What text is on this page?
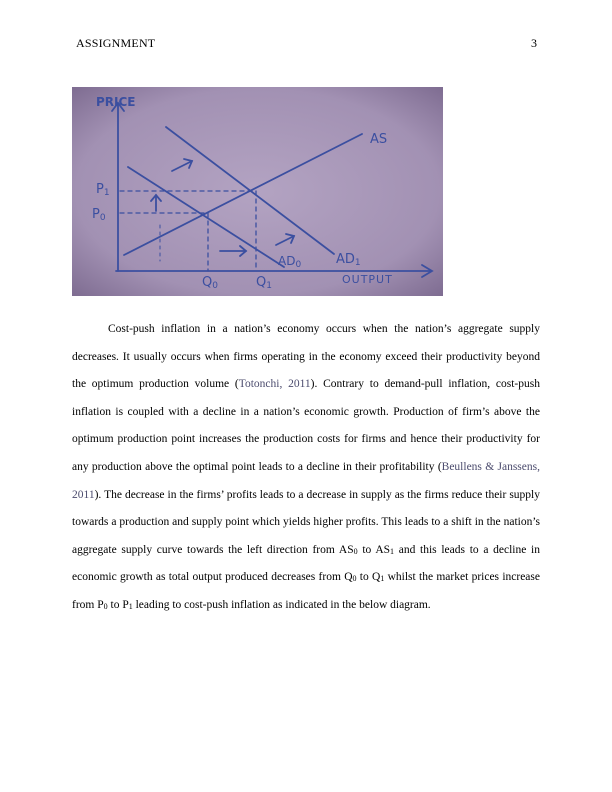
ASSIGNMENT	3
PRICE
OUTPUT
AS
AD1
AD0
P1
P0
Q0	Q1

Cost-push inflation in a nation’s economy occurs when the nation’s aggregate supply decreases. It usually occurs when firms operating in the economy exceed their productivity beyond the optimum production volume (Totonchi, 2011). Contrary to demand-pull inflation, cost-push inflation is coupled with a decline in a nation’s economic growth. Production of firm’s above the optimum production point increases the production costs for firms and hence their productivity for any production above the optimal point leads to a decline in their profitability (Beullens & Janssens, 2011). The decrease in the firms’ profits leads to a decrease in supply as the firms reduce their supply towards a production and supply point which yields higher profits. This leads to a shift in the nation’s aggregate supply curve towards the left direction from $AS_0$ to $AS_1$ and this leads to a decline in economic growth as total output produced decreases from $Q_0$ to $Q_1$ whilst the market prices increase from $P_0$ to $P_1$ leading to cost-push inflation as indicated in the below diagram.
